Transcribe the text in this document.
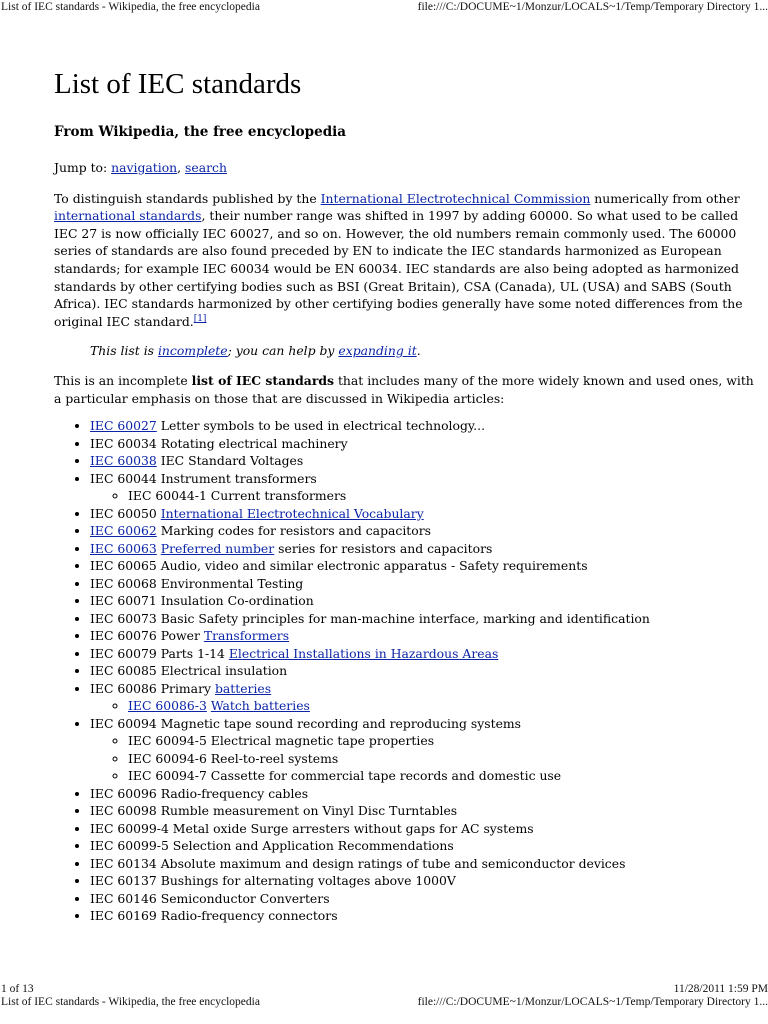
List of IEC standards - Wikipedia, the free encyclopedia	file:///C:/DOCUME~1/Monzur/LOCALS~1/Temp/Temporary Directory 1...
List of IEC standards
From Wikipedia, the free encyclopedia
Jump to: navigation, search

To distinguish standards published by the International Electrotechnical Commission numerically from other international standards, their number range was shifted in 1997 by adding 60000. So what used to be called IEC 27 is now officially IEC 60027, and so on. However, the old numbers remain commonly used. The 60000 series of standards are also found preceded by EN to indicate the IEC standards harmonized as European standards; for example IEC 60034 would be EN 60034. IEC standards are also being adopted as harmonized standards by other certifying bodies such as BSI (Great Britain), CSA (Canada), UL (USA) and SABS (South Africa). IEC standards harmonized by other certifying bodies generally have some noted differences from the original IEC standard.[1]

This list is incomplete; you can help by expanding it.

This is an incomplete list of IEC standards that includes many of the more widely known and used ones, with a particular emphasis on those that are discussed in Wikipedia articles:

• IEC 60027 Letter symbols to be used in electrical technology...
• IEC 60034 Rotating electrical machinery
• IEC 60038 IEC Standard Voltages
• IEC 60044 Instrument transformers
◦ IEC 60044-1 Current transformers
• IEC 60050 International Electrotechnical Vocabulary
• IEC 60062 Marking codes for resistors and capacitors
• IEC 60063 Preferred number series for resistors and capacitors
• IEC 60065 Audio, video and similar electronic apparatus - Safety requirements
• IEC 60068 Environmental Testing
• IEC 60071 Insulation Co-ordination
• IEC 60073 Basic Safety principles for man-machine interface, marking and identification
• IEC 60076 Power Transformers
• IEC 60079 Parts 1-14 Electrical Installations in Hazardous Areas
• IEC 60085 Electrical insulation
• IEC 60086 Primary batteries
◦ IEC 60086-3 Watch batteries
• IEC 60094 Magnetic tape sound recording and reproducing systems
◦ IEC 60094-5 Electrical magnetic tape properties
◦ IEC 60094-6 Reel-to-reel systems
◦ IEC 60094-7 Cassette for commercial tape records and domestic use
• IEC 60096 Radio-frequency cables
• IEC 60098 Rumble measurement on Vinyl Disc Turntables
• IEC 60099-4 Metal oxide Surge arresters without gaps for AC systems
• IEC 60099-5 Selection and Application Recommendations
• IEC 60134 Absolute maximum and design ratings of tube and semiconductor devices
• IEC 60137 Bushings for alternating voltages above 1000V
• IEC 60146 Semiconductor Converters
• IEC 60169 Radio-frequency connectors
1 of 13	11/28/2011 1:59 PM
List of IEC standards - Wikipedia, the free encyclopedia	file:///C:/DOCUME~1/Monzur/LOCALS~1/Temp/Temporary Directory 1...
